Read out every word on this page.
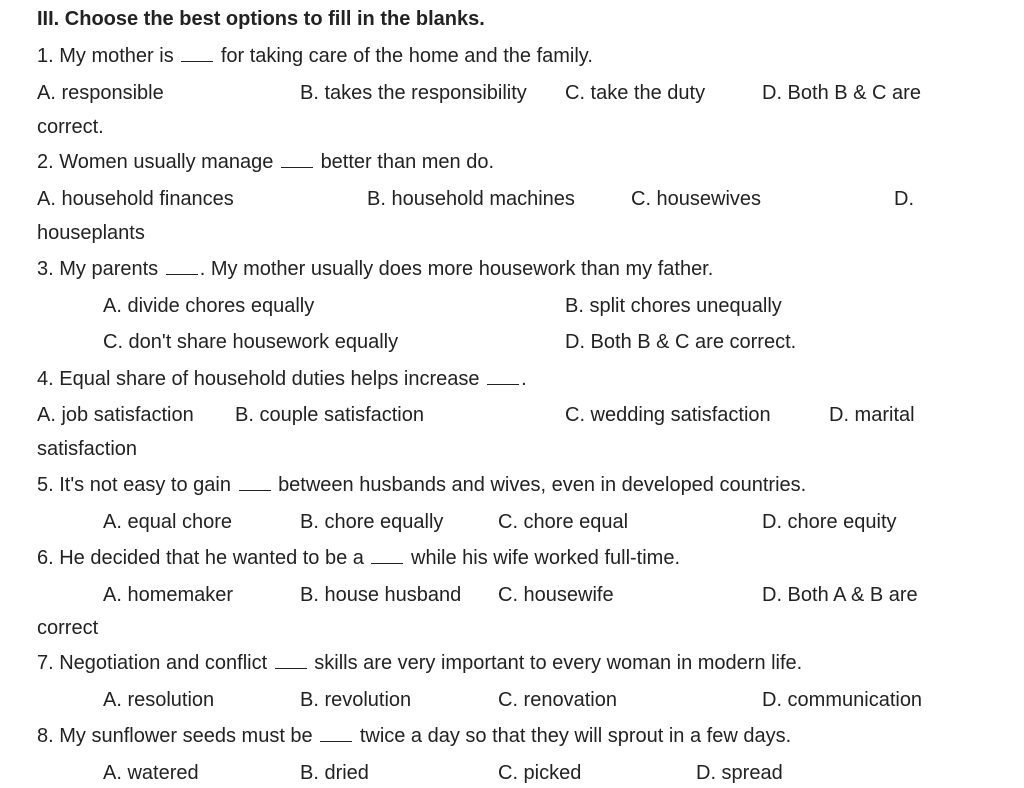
III. Choose the best options to fill in the blanks.
1. My mother is for taking care of the home and the family.
A. responsible	B. takes the responsibility C. take the duty	D. Both B & C are
correct.
2. Women usually manage better than men do.
A. household finances	B. household machines	C. housewives	D.
houseplants
3. My parents . My mother usually does more housework than my father.
A. divide chores equally	B. split chores unequally
C. don't share housework equally	D. Both B & C are correct.
4. Equal share of household duties helps increase .
A. job satisfaction B. couple satisfaction	C. wedding satisfaction	D. marital
satisfaction
5. It's not easy to gain between husbands and wives, even in developed countries.
A. equal chore	B. chore equally	C. chore equal	D. chore equity
6. He decided that he wanted to be a while his wife worked full-time.
A. homemaker	B. house husband C. housewife	D. Both A & B are
correct
7. Negotiation and conflict skills are very important to every woman in modern life.
A. resolution	B. revolution	C. renovation	D. communication
8. My sunflower seeds must be twice a day so that they will sprout in a few days.
A. watered	B. dried	C. picked	D. spread
